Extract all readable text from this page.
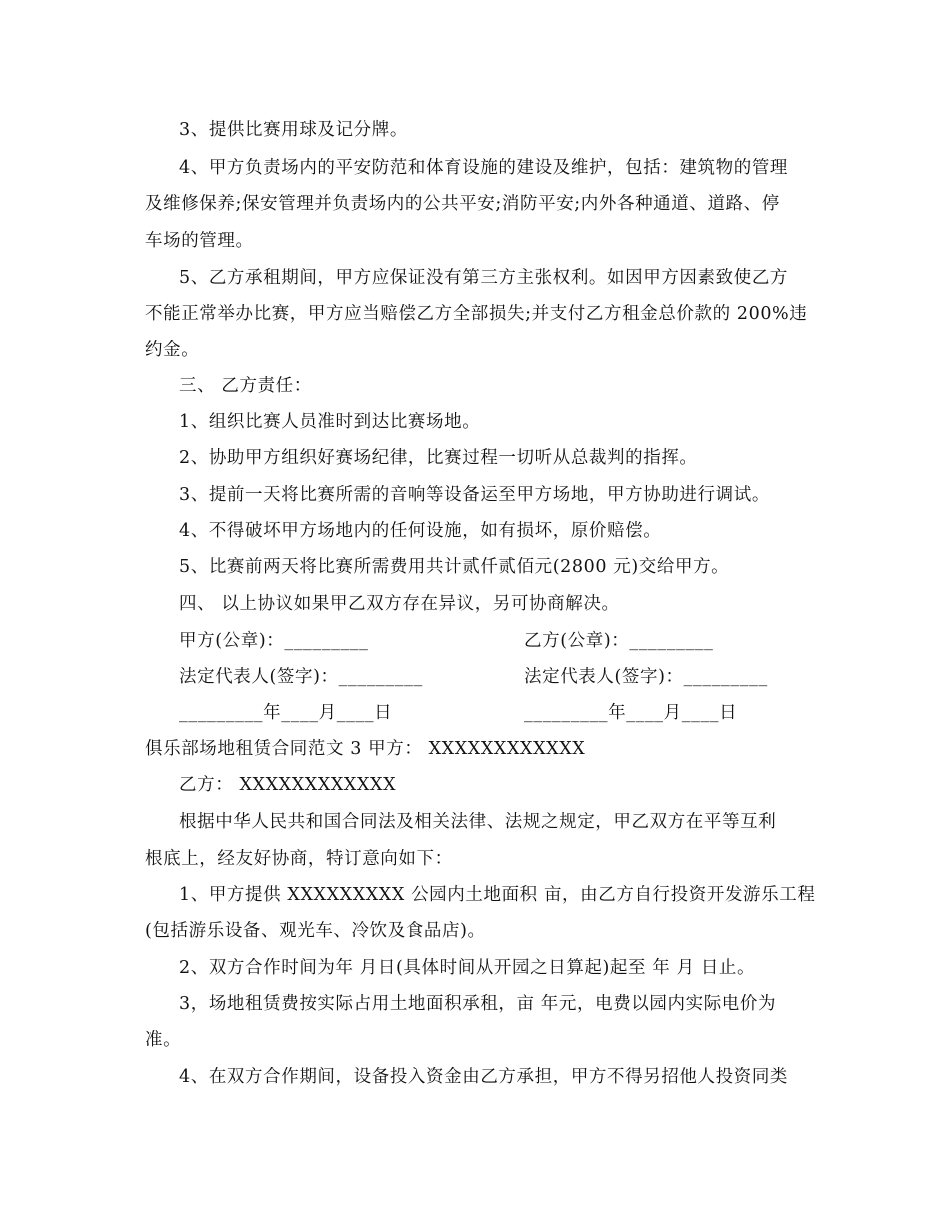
3、提供比赛用球及记分牌。
4、甲方负责场内的平安防范和体育设施的建设及维护，包括：建筑物的管理
及维修保养;保安管理并负责场内的公共平安;消防平安;内外各种通道、道路、停
车场的管理。
5、乙方承租期间，甲方应保证没有第三方主张权利。如因甲方因素致使乙方
不能正常举办比赛，甲方应当赔偿乙方全部损失;并支付乙方租金总价款的 200%违
约金。
三、 乙方责任：
1、组织比赛人员准时到达比赛场地。
2、协助甲方组织好赛场纪律，比赛过程一切听从总裁判的指挥。
3、提前一天将比赛所需的音响等设备运至甲方场地，甲方协助进行调试。
4、不得破坏甲方场地内的任何设施，如有损坏，原价赔偿。
5、比赛前两天将比赛所需费用共计贰仟贰佰元(2800 元)交给甲方。
四、 以上协议如果甲乙双方存在异议，另可协商解决。
甲方(公章)：_________	乙方(公章)：_________
法定代表人(签字)：_________	法定代表人(签字)：_________
_________年____月____日	_________年____月____日
俱乐部场地租赁合同范文 3 甲方： XXXXXXXXXXXX
乙方： XXXXXXXXXXXX
根据中华人民共和国合同法及相关法律、法规之规定，甲乙双方在平等互利
根底上，经友好协商，特订意向如下：
1、甲方提供 XXXXXXXXX 公园内土地面积 亩，由乙方自行投资开发游乐工程
(包括游乐设备、观光车、冷饮及食品店)。
2、双方合作时间为年 月日(具体时间从开园之日算起)起至 年 月 日止。
3，场地租赁费按实际占用土地面积承租，亩 年元，电费以园内实际电价为
准。
4、在双方合作期间，设备投入资金由乙方承担，甲方不得另招他人投资同类
